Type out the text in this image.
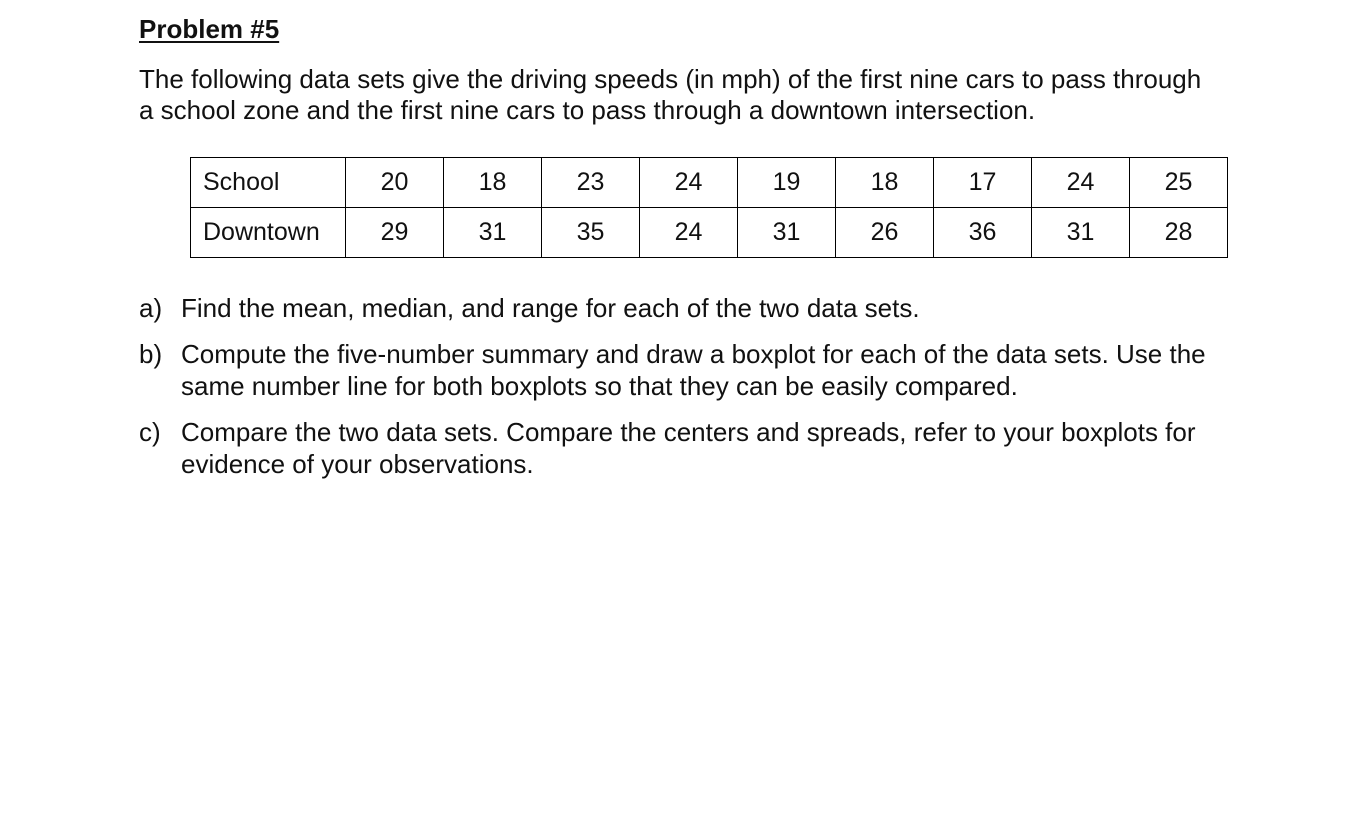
Problem #5
The following data sets give the driving speeds (in mph) of the first nine cars to pass through
a school zone and the first nine cars to pass through a downtown intersection.
School	20	18	23	24	19	18	17	24	25
Downtown	29	31	35	24	31	26	36	31	28
a) Find the mean, median, and range for each of the two data sets.
b) Compute the five-number summary and draw a boxplot for each of the data sets. Use the
same number line for both boxplots so that they can be easily compared.
c) Compare the two data sets. Compare the centers and spreads, refer to your boxplots for
evidence of your observations.
